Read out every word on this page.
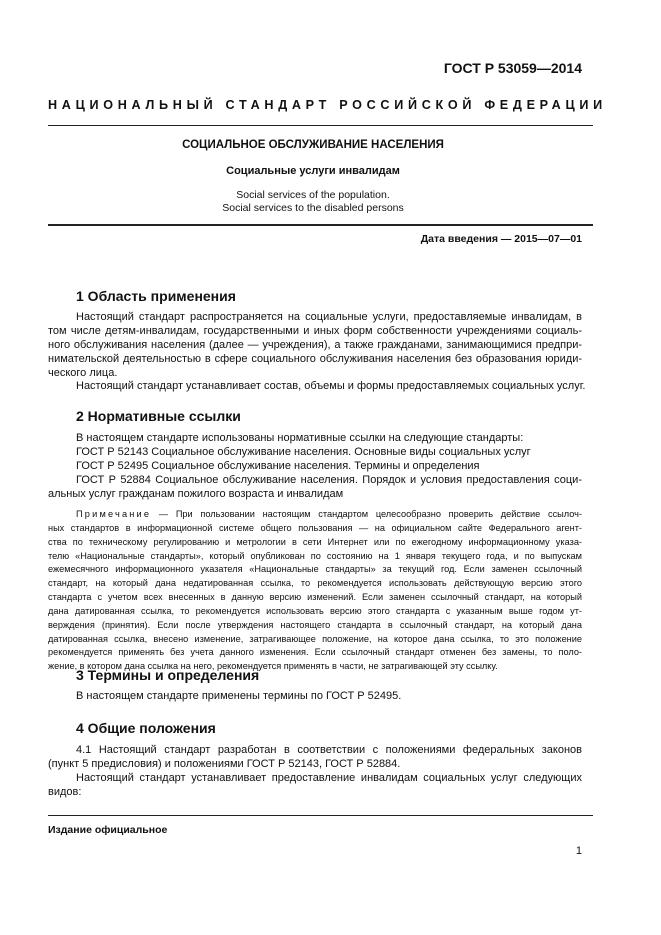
ГОСТ Р 53059—2014
НАЦИОНАЛЬНЫЙ СТАНДАРТ РОССИЙСКОЙ ФЕДЕРАЦИИ
СОЦИАЛЬНОЕ ОБСЛУЖИВАНИЕ НАСЕЛЕНИЯ
Социальные услуги инвалидам
Social services of the population.
Social services to the disabled persons
Дата введения — 2015—07—01
1 Область применения
Настоящий стандарт распространяется на социальные услуги, предоставляемые инвалидам, в
том числе детям-инвалидам, государственными и иных форм собственности учреждениями социаль-
ного обслуживания населения (далее — учреждения), а также гражданами, занимающимися предпри-
нимательской деятельностью в сфере социального обслуживания населения без образования юриди-
ческого лица.
Настоящий стандарт устанавливает состав, объемы и формы предоставляемых социальных услуг.
2 Нормативные ссылки
В настоящем стандарте использованы нормативные ссылки на следующие стандарты:
ГОСТ Р 52143 Социальное обслуживание населения. Основные виды социальных услуг
ГОСТ Р 52495 Социальное обслуживание населения. Термины и определения
ГОСТ Р 52884 Социальное обслуживание населения. Порядок и условия предоставления соци-
альных услуг гражданам пожилого возраста и инвалидам
Примечание — При пользовании настоящим стандартом целесообразно проверить действие ссылоч-
ных стандартов в информационной системе общего пользования — на официальном сайте Федерального агент-
ства по техническому регулированию и метрологии в сети Интернет или по ежегодному информационному указа-
телю «Национальные стандарты», который опубликован по состоянию на 1 января текущего года, и по выпускам
ежемесячного информационного указателя «Национальные стандарты» за текущий год. Если заменен ссылочный
стандарт, на который дана недатированная ссылка, то рекомендуется использовать действующую версию этого
стандарта с учетом всех внесенных в данную версию изменений. Если заменен ссылочный стандарт, на который
дана датированная ссылка, то рекомендуется использовать версию этого стандарта с указанным выше годом ут-
верждения (принятия). Если после утверждения настоящего стандарта в ссылочный стандарт, на который дана
датированная ссылка, внесено изменение, затрагивающее положение, на которое дана ссылка, то это положение
рекомендуется применять без учета данного изменения. Если ссылочный стандарт отменен без замены, то поло-
жение, в котором дана ссылка на него, рекомендуется применять в части, не затрагивающей эту ссылку.
3 Термины и определения
В настоящем стандарте применены термины по ГОСТ Р 52495.
4 Общие положения
4.1 Настоящий стандарт разработан в соответствии с положениями федеральных законов
(пункт 5 предисловия) и положениями ГОСТ Р 52143, ГОСТ Р 52884.
Настоящий стандарт устанавливает предоставление инвалидам социальных услуг следующих
видов:
Издание официальное
1
